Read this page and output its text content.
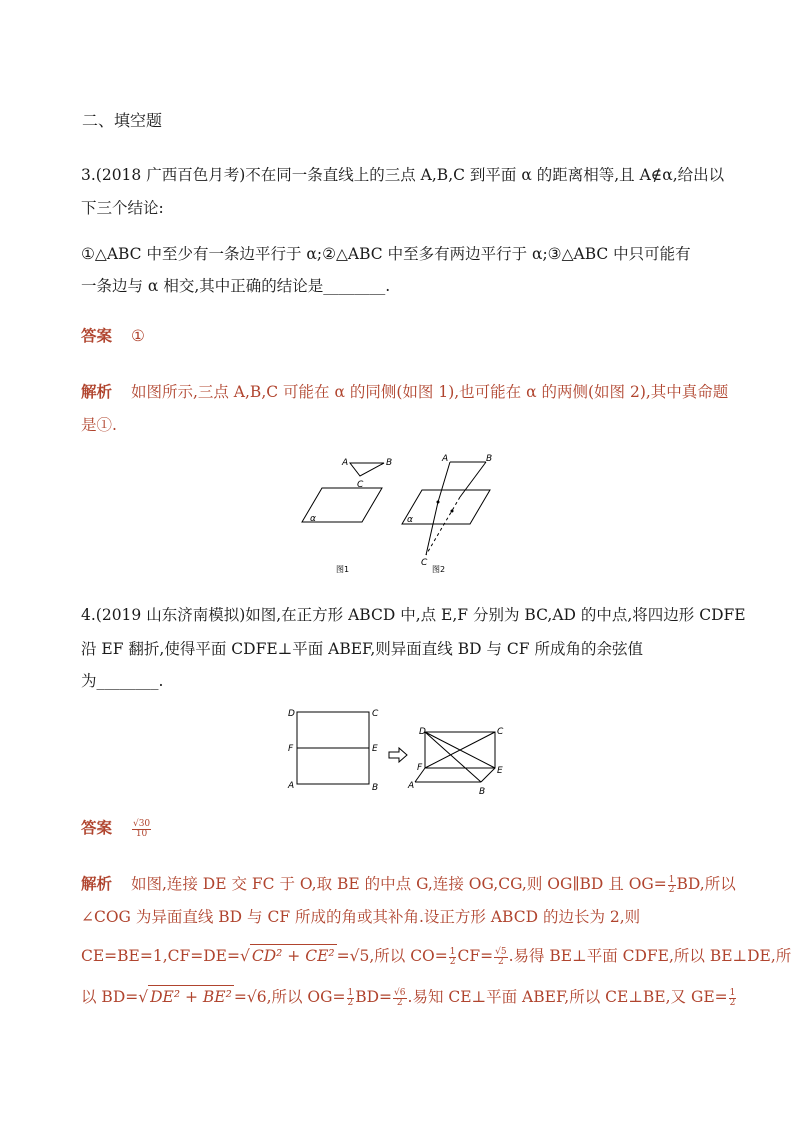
二、填空题
3.(2018 广西百色月考)不在同一条直线上的三点 A,B,C 到平面 α 的距离相等,且 A∉α,给出以
下三个结论:
①△ABC 中至少有一条边平行于 α;②△ABC 中至多有两边平行于 α;③△ABC 中只可能有
一条边与 α 相交,其中正确的结论是________.
答案 ①
解析 如图所示,三点 A,B,C 可能在 α 的同侧(如图 1),也可能在 α 的两侧(如图 2),其中真命题
是①.
A	B
C
α
图1
A	B
C
α
图2
4.(2019 山东济南模拟)如图,在正方形 ABCD 中,点 E,F 分别为 BC,AD 的中点,将四边形 CDFE
沿 EF 翻折,使得平面 CDFE⊥平面 ABEF,则异面直线 BD 与 CF 所成角的余弦值
为________.
D	C
F	E
A	B
D	C
F	E
A
B
答案 $\frac{√30}{10}$
解析 如图,连接 DE 交 FC 于 O,取 BE 的中点 G,连接 OG,CG,则 OG∥BD 且 $OG= \frac{1}{2}$ BD,所以
∠COG 为异面直线 BD 与 CF 所成的角或其补角.设正方形 ABCD 的边长为 2,则
CE=BE=1,CF=DE=√ CD² + CE² =√5,所以 $CO= \frac{1}{2} CF= \frac{√5}{2}$ .易得 BE⊥平面 CDFE,所以 BE⊥DE,所
以 BD=√ DE² + BE² =√6,所以 $OG= \frac{1}{2} BD= \frac{√6}{2}$ .易知 CE⊥平面 ABEF,所以 CE⊥BE,又 $GE= \frac{1}{2}$
